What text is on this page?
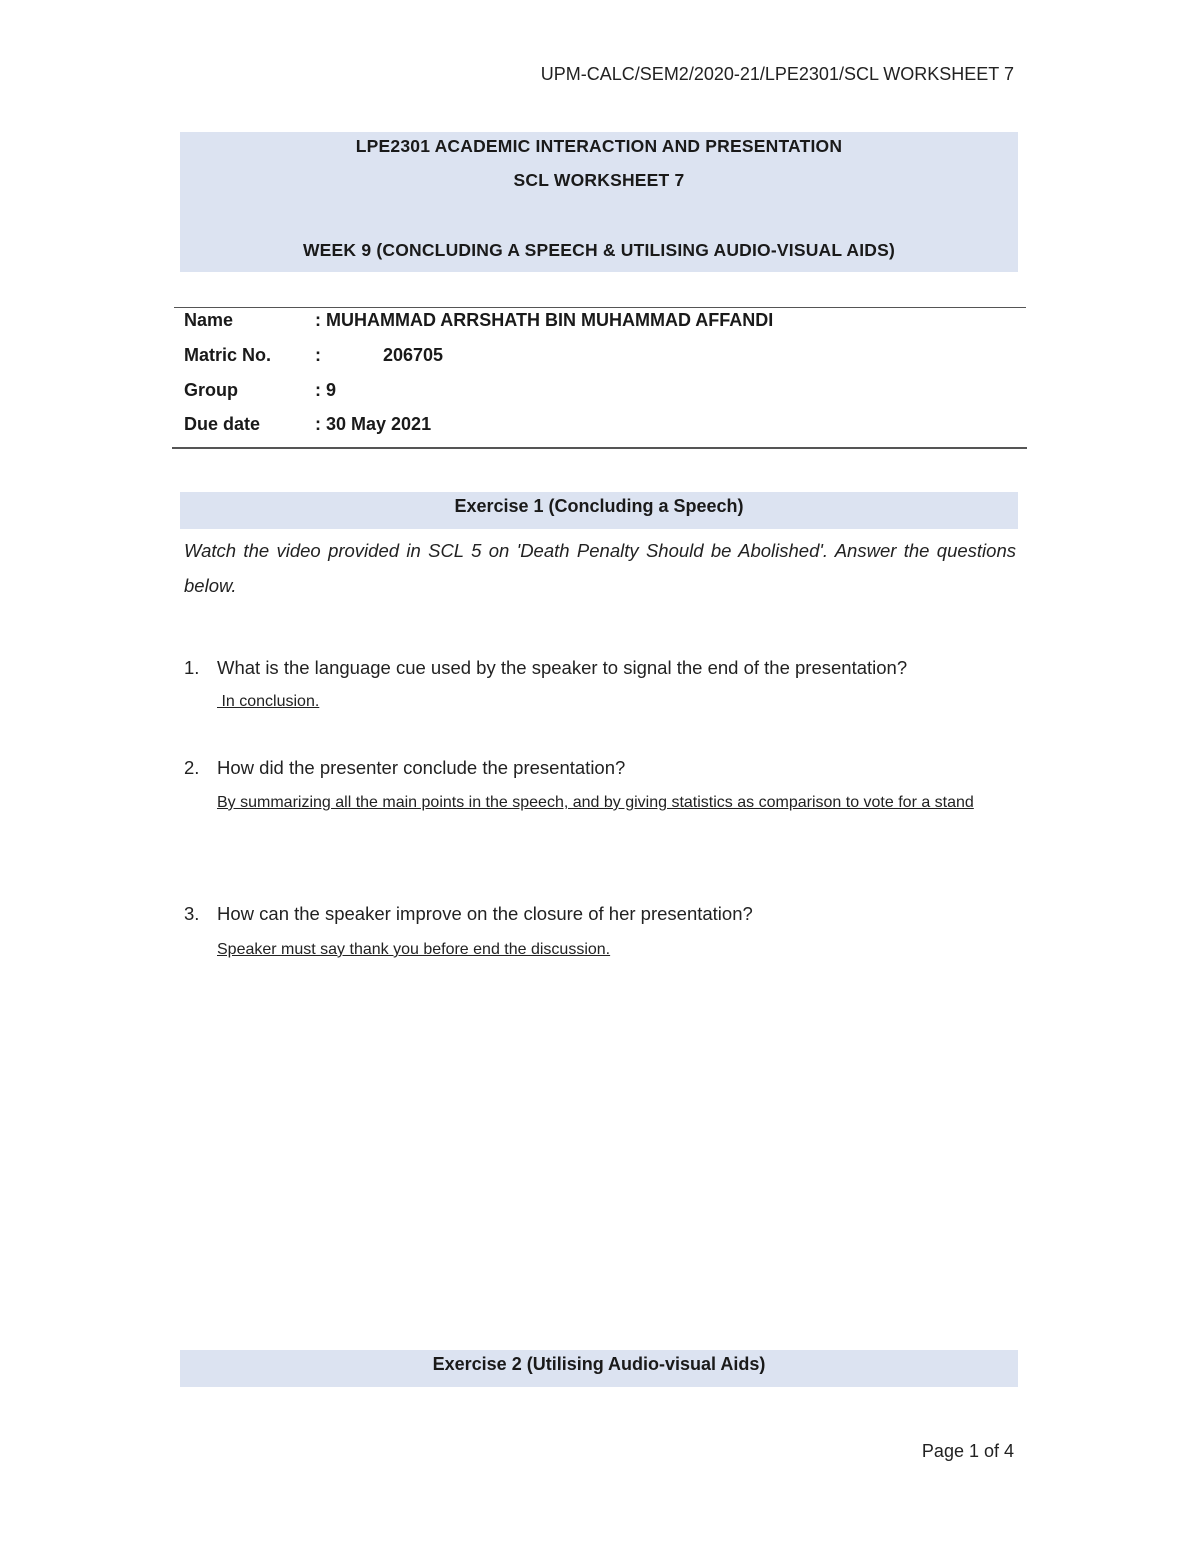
UPM-CALC/SEM2/2020-21/LPE2301/SCL WORKSHEET 7
LPE2301 ACADEMIC INTERACTION AND PRESENTATION
SCL WORKSHEET 7
WEEK 9 (CONCLUDING A SPEECH & UTILISING AUDIO-VISUAL AIDS)
Name	: MUHAMMAD ARRSHATH BIN MUHAMMAD AFFANDI
Matric No. :	206705
Group	: 9
Due date	: 30 May 2021
Exercise 1 (Concluding a Speech)
Watch the video provided in SCL 5 on 'Death Penalty Should be Abolished'. Answer the questions below.
1. What is the language cue used by the speaker to signal the end of the presentation?
In conclusion.
2. How did the presenter conclude the presentation?
By summarizing all the main points in the speech, and by giving statistics as comparison to vote for a stand
3. How can the speaker improve on the closure of her presentation?
Speaker must say thank you before end the discussion.
Exercise 2 (Utilising Audio-visual Aids)
Page 1 of 4
